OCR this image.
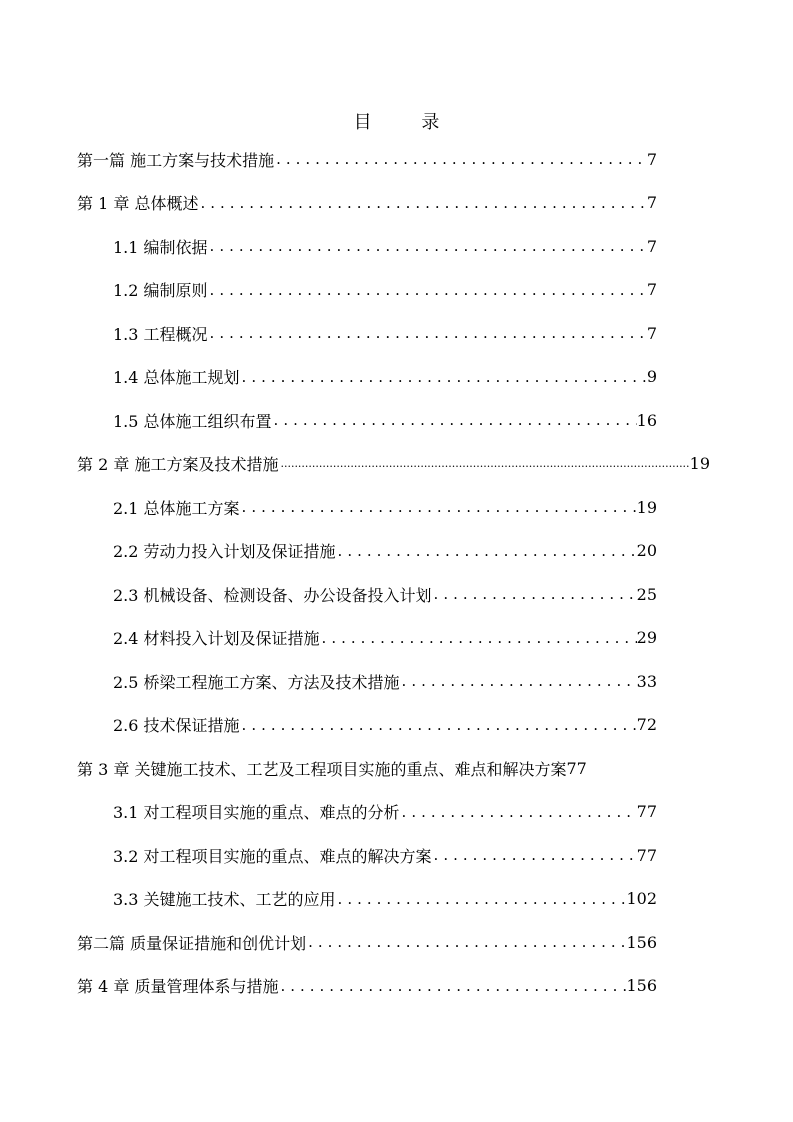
目 录
第一篇 施工方案与技术措施 .....	7
第 1 章 总体概述 .....	7
1.1 编制依据 .....	7
1.2 编制原则 .....	7
1.3 工程概况 .....	7
1.4 总体施工规划 .....	9
1.5 总体施工组织布置 .....	16
第 2 章 施工方案及技术措施 .....	19
2.1 总体施工方案 .....	19
2.2 劳动力投入计划及保证措施 .....	20
2.3 机械设备、检测设备、办公设备投入计划 .....	25
2.4 材料投入计划及保证措施 .....	29
2.5 桥梁工程施工方案、方法及技术措施 .....	33
2.6 技术保证措施 .....	72
第 3 章 关键施工技术、工艺及工程项目实施的重点、难点和解决方案 77
3.1 对工程项目实施的重点、难点的分析 .....	77
3.2 对工程项目实施的重点、难点的解决方案 .....	77
3.3 关键施工技术、工艺的应用 .....	102
第二篇 质量保证措施和创优计划 .....	156
第 4 章 质量管理体系与措施 .....	156
